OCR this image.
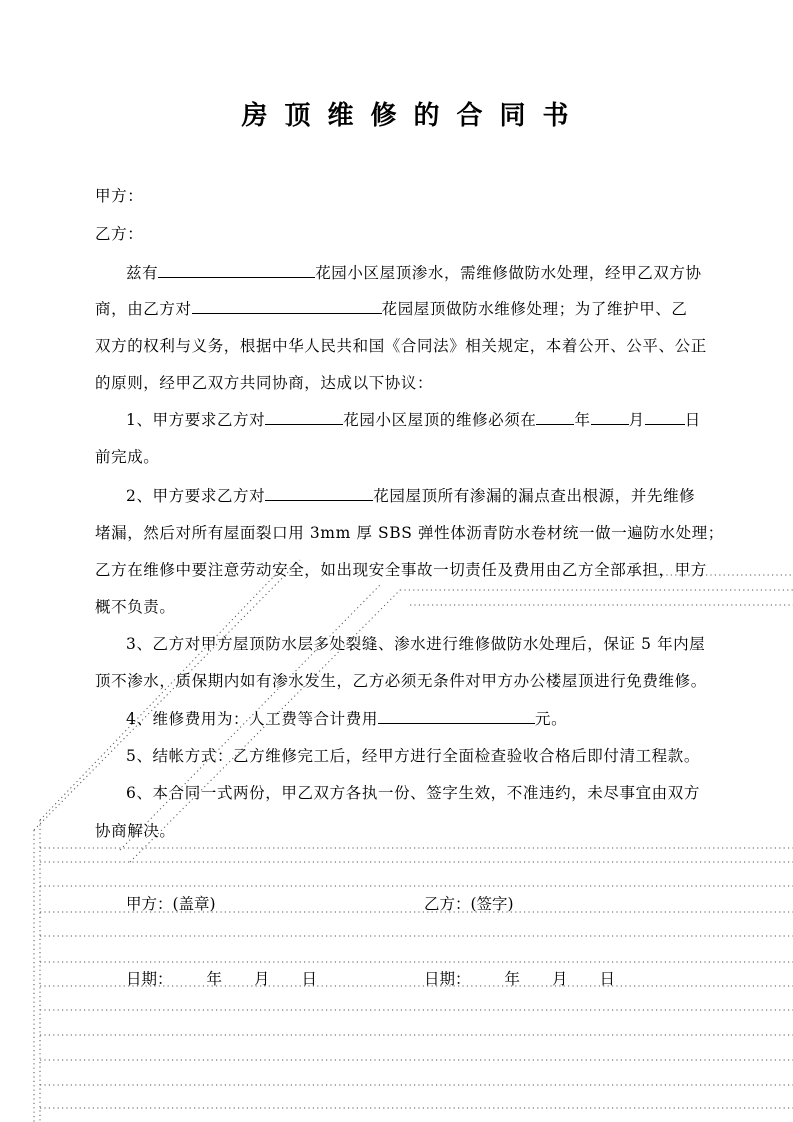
房顶维修的合同书
甲方：
乙方：
兹有	花园小区屋顶渗水，需维修做防水处理，经甲乙双方协
商，由乙方对	花园屋顶做防水维修处理；为了维护甲、乙
双方的权利与义务，根据中华人民共和国《合同法》相关规定，本着公开、公平、公正
的原则，经甲乙双方共同协商，达成以下协议：
1、甲方要求乙方对	花园小区屋顶的维修必须在 年 月	日
前完成。
2、甲方要求乙方对	花园屋顶所有渗漏的漏点查出根源，并先维修
堵漏，然后对所有屋面裂口用 3mm 厚 SBS 弹性体沥青防水卷材统一做一遍防水处理；
乙方在维修中要注意劳动安全，如出现安全事故一切责任及费用由乙方全部承担，甲方
概不负责。
3、乙方对甲方屋顶防水层多处裂缝、渗水进行维修做防水处理后，保证 5 年内屋
顶不渗水，质保期内如有渗水发生，乙方必须无条件对甲方办公楼屋顶进行免费维修。
4、维修费用为：人工费等合计费用	元。
5、结帐方式：乙方维修完工后，经甲方进行全面检查验收合格后即付清工程款。
6、本合同一式两份，甲乙双方各执一份、签字生效，不准违约，未尽事宜由双方
协商解决。
甲方：(盖章)	乙方：(签字)
日期： 年 月 日	日期： 年 月 日
